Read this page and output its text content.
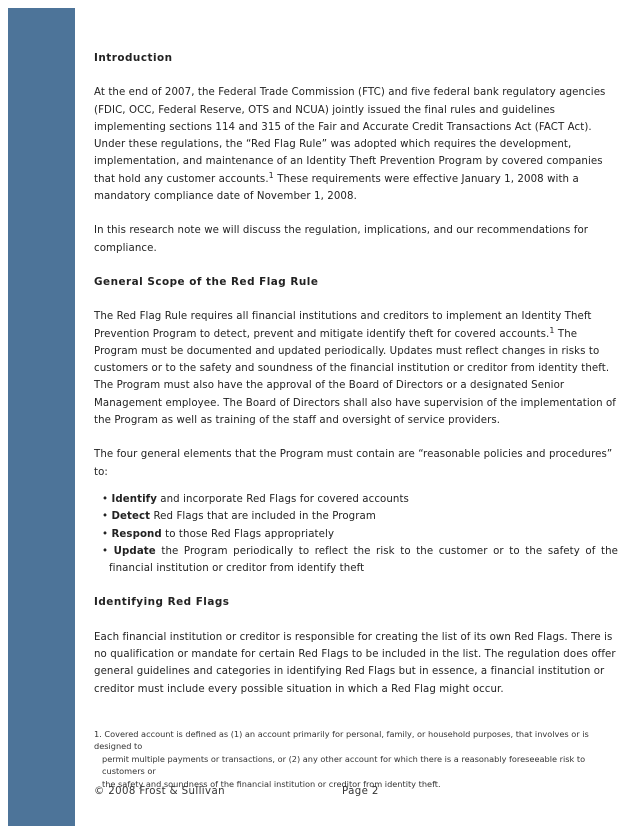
Introduction

At the end of 2007, the Federal Trade Commission (FTC) and five federal bank regulatory agencies (FDIC, OCC, Federal Reserve, OTS and NCUA) jointly issued the final rules and guidelines implementing sections 114 and 315 of the Fair and Accurate Credit Transactions Act (FACT Act). Under these regulations, the “Red Flag Rule” was adopted which requires the development, implementation, and maintenance of an Identity Theft Prevention Program by covered companies that hold any customer accounts.$^1$ These requirements were effective January 1, 2008 with a mandatory compliance date of November 1, 2008.

In this research note we will discuss the regulation, implications, and our recommendations for compliance.

General Scope of the Red Flag Rule

The Red Flag Rule requires all financial institutions and creditors to implement an Identity Theft Prevention Program to detect, prevent and mitigate identify theft for covered accounts.$^1$ The Program must be documented and updated periodically. Updates must reflect changes in risks to customers or to the safety and soundness of the financial institution or creditor from identity theft. The Program must also have the approval of the Board of Directors or a designated Senior Management employee. The Board of Directors shall also have supervision of the implementation of the Program as well as training of the staff and oversight of service providers.

The four general elements that the Program must contain are “reasonable policies and procedures” to:

• Identify and incorporate Red Flags for covered accounts
• Detect Red Flags that are included in the Program
• Respond to those Red Flags appropriately
• Update the Program periodically to reflect the risk to the customer or to the safety of the financial institution or creditor from identify theft
Identifying Red Flags

Each financial institution or creditor is responsible for creating the list of its own Red Flags. There is no qualification or mandate for certain Red Flags to be included in the list. The regulation does offer general guidelines and categories in identifying Red Flags but in essence, a financial institution or creditor must include every possible situation in which a Red Flag might occur.

1. Covered account is defined as (1) an account primarily for personal, family, or household purposes, that involves or is designed to
permit multiple payments or transactions, or (2) any other account for which there is a reasonably foreseeable risk to customers or
the safety and soundness of the financial institution or creditor from identity theft.
© 2008 Frost & Sullivan	Page 2
